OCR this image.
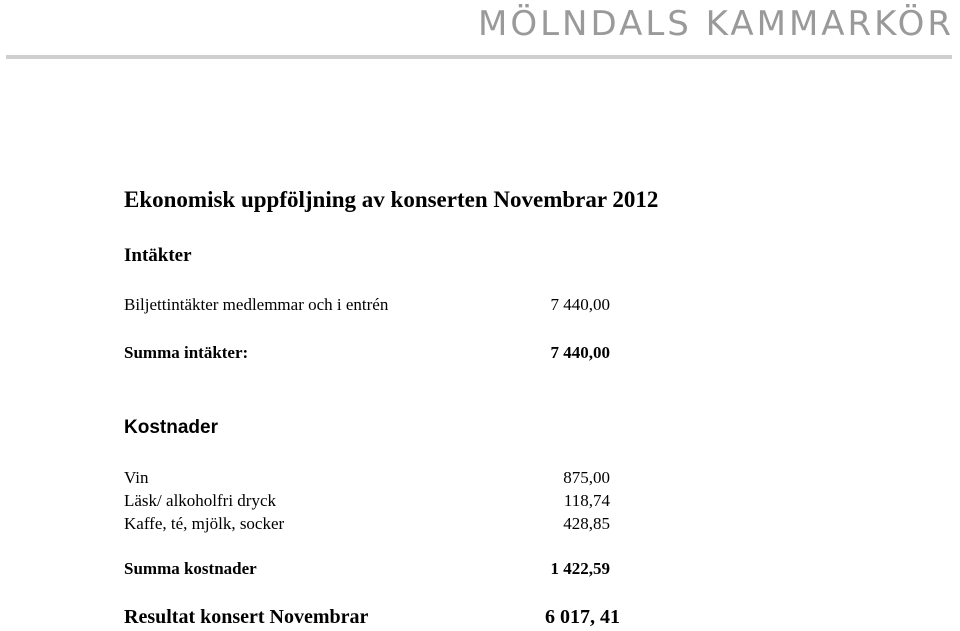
MÖLNDALS KAMMARKÖR
Ekonomisk uppföljning av konserten Novembrar 2012
Intäkter
Biljettintäkter medlemmar och i entrén	7 440,00
Summa intäkter:	7 440,00
Kostnader
Vin	875,00
Läsk/ alkoholfri dryck	118,74
Kaffe, té, mjölk, socker	428,85
Summa kostnader	1 422,59
Resultat konsert Novembrar	6 017, 41
